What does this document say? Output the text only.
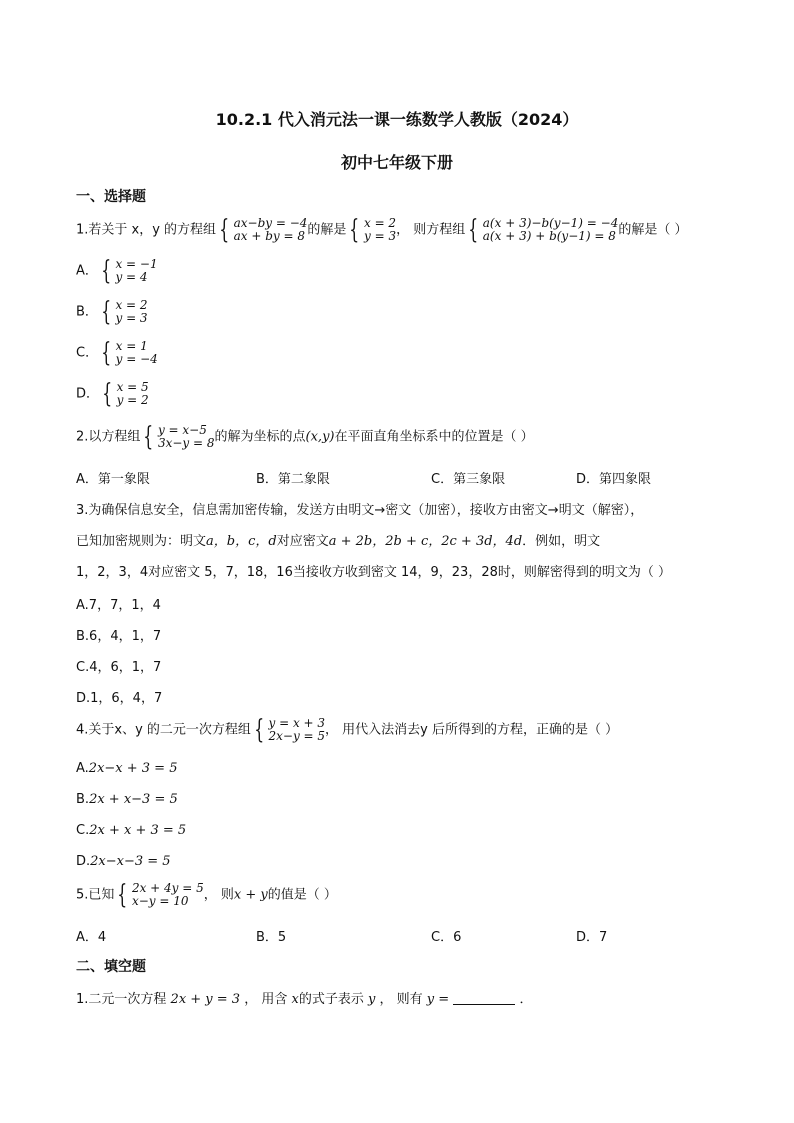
10.2.1 代入消元法一课一练数学人教版（2024）
初中七年级下册
一、选择题
1.若关于 x，y 的方程组 { ax−by = −4
ax + by = 8 的解是 { x = 2
y = 3 ， 则方程组 { a(x + 3)−b(y−1) = −4
a(x + 3) + b(y−1) = 8 的解是（ ）
A． { x = −1
y = 4
B． { x = 2
y = 3
C． { x = 1
y = −4
D． { x = 5
y = 2
2.以方程组 { y = x−5
3x−y = 8 的解为坐标的点(x,y)在平面直角坐标系中的位置是（ ）
A．第一象限	B．第二象限	C．第三象限	D．第四象限
3.为确保信息安全，信息需加密传输，发送方由明文→密文（加密），接收方由密文→明文（解密），
已知加密规则为：明文a，b，c，d对应密文a + 2b，2b + c，2c + 3d，4d．例如，明文
1，2，3，4对应密文 5，7，18，16当接收方收到密文 14，9，23，28时，则解密得到的明文为（ ）
A.7，7，1，4
B.6，4，1，7
C.4，6，1，7
D.1，6，4，7
4.关于x、y 的二元一次方程组 { y = x + 3
2x−y = 5 ， 用代入法消去y 后所得到的方程，正确的是（ ）
A.2x−x + 3 = 5
B.2x + x−3 = 5
C.2x + x + 3 = 5
D.2x−x−3 = 5
5.已知 { 2x + 4y = 5
x−y = 10	， 则x + y的值是（ ）
A．4	B．5	C．6	D．7
二、填空题
1.二元一次方程 2x + y = 3 ， 用含 x的式子表示 y ， 则有 y =	．
